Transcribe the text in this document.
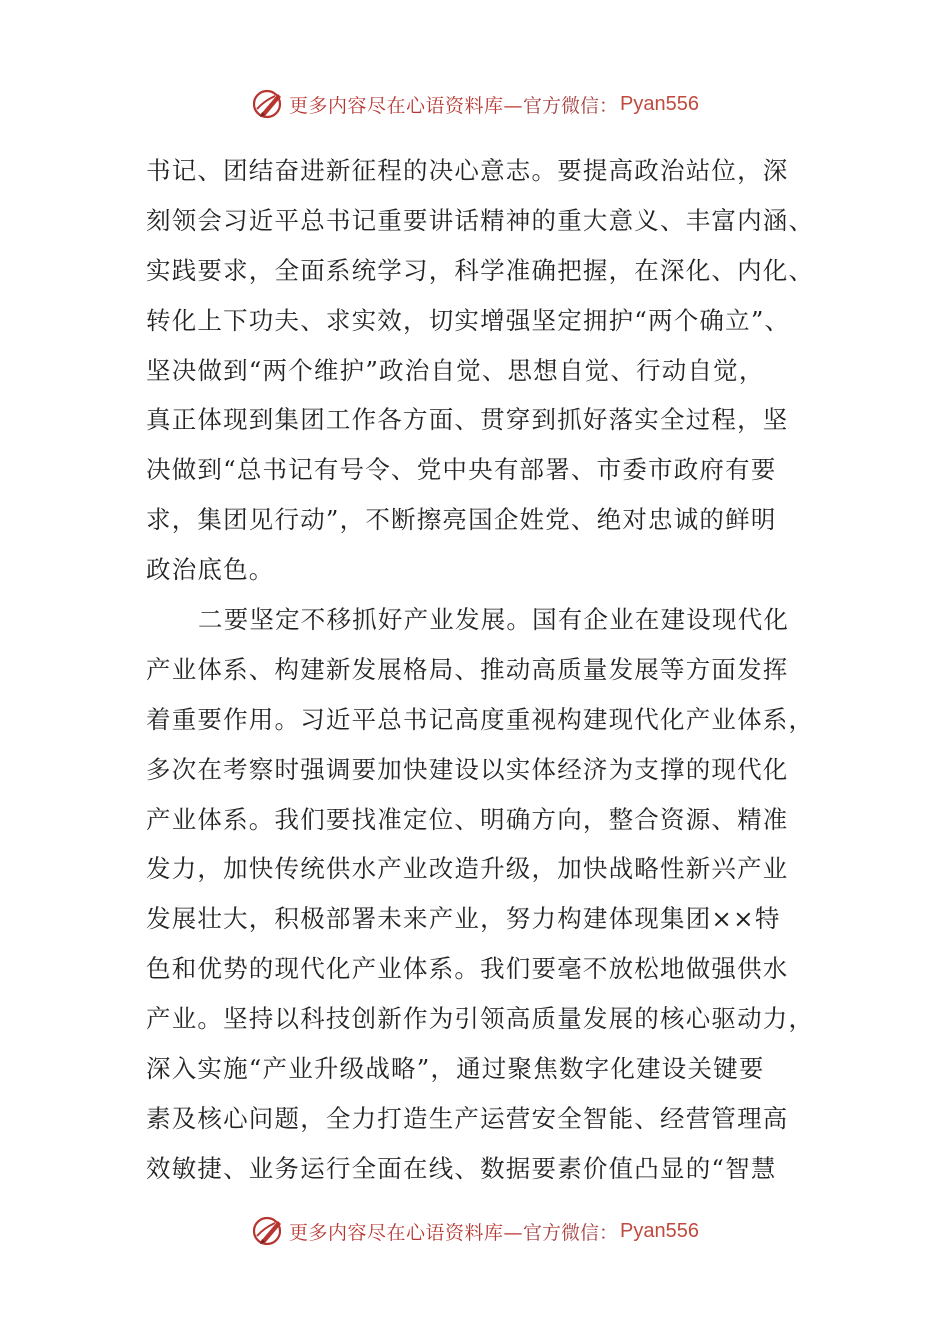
更多内容尽在心语资料库— 官方微信： Pyan556
书记、团结奋进新征程的决心意志。要提高政治站位，深
刻领会习近平总书记重要讲话精神的重大意义、丰富内涵、
实践要求，全面系统学习，科学准确把握，在深化、内化、
转化上下功夫、求实效，切实增强坚定拥护“两个确立”、
坚决做到“两个维护”政治自觉、思想自觉、行动自觉，
真正体现到集团工作各方面、贯穿到抓好落实全过程，坚
决做到“总书记有号令、党中央有部署、市委市政府有要
求，集团见行动”，不断擦亮国企姓党、绝对忠诚的鲜明
政治底色。
二要坚定不移抓好产业发展。国有企业在建设现代化
产业体系、构建新发展格局、推动高质量发展等方面发挥
着重要作用。习近平总书记高度重视构建现代化产业体系，
多次在考察时强调要加快建设以实体经济为支撑的现代化
产业体系。我们要找准定位、明确方向，整合资源、精准
发力，加快传统供水产业改造升级，加快战略性新兴产业
发展壮大，积极部署未来产业，努力构建体现集团××特
色和优势的现代化产业体系。我们要毫不放松地做强供水
产业。坚持以科技创新作为引领高质量发展的核心驱动力，
深入实施“产业升级战略”，通过聚焦数字化建设关键要
素及核心问题，全力打造生产运营安全智能、经营管理高
效敏捷、业务运行全面在线、数据要素价值凸显的“智慧
更多内容尽在心语资料库— 官方微信： Pyan556
